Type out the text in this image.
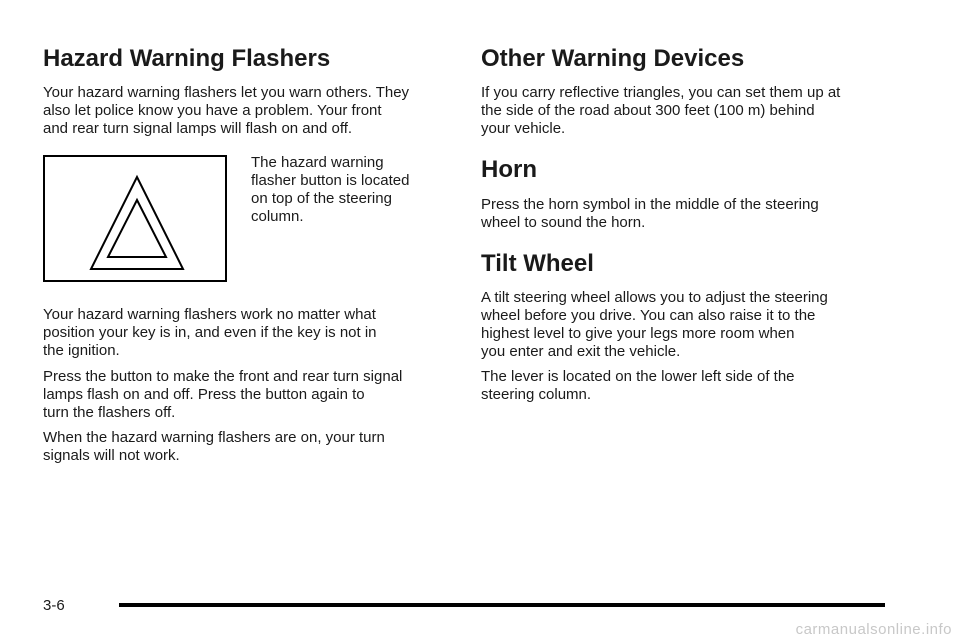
Hazard Warning Flashers

Your hazard warning flashers let you warn others. They
also let police know you have a problem. Your front
and rear turn signal lamps will flash on and off.

The hazard warning
flasher button is located
on top of the steering
column.

Your hazard warning flashers work no matter what
position your key is in, and even if the key is not in
the ignition.

Press the button to make the front and rear turn signal
lamps flash on and off. Press the button again to
turn the flashers off.

When the hazard warning flashers are on, your turn
signals will not work.

Other Warning Devices

If you carry reflective triangles, you can set them up at
the side of the road about 300 feet (100 m) behind
your vehicle.

Horn

Press the horn symbol in the middle of the steering
wheel to sound the horn.

Tilt Wheel

A tilt steering wheel allows you to adjust the steering
wheel before you drive. You can also raise it to the
highest level to give your legs more room when
you enter and exit the vehicle.

The lever is located on the lower left side of the
steering column.

3-6
carmanualsonline.info
